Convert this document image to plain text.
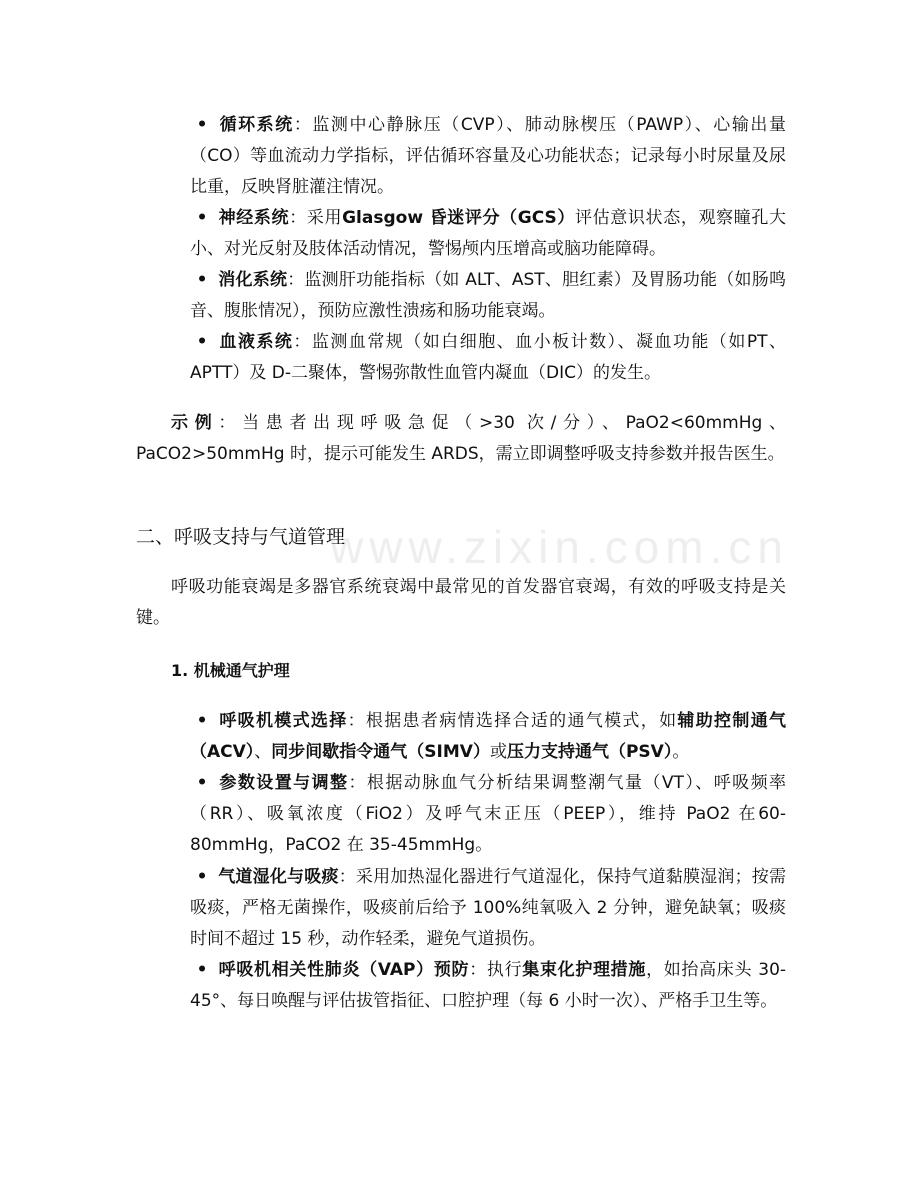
www.zixin.com.cn
• 循环系统：监测中心静脉压（CVP）、肺动脉楔压（PAWP）、心输出量（CO）等血流动力学指标，评估循环容量及心功能状态；记录每小时尿量及尿比重，反映肾脏灌注情况。
• 神经系统：采用Glasgow 昏迷评分（GCS）评估意识状态，观察瞳孔大小、对光反射及肢体活动情况，警惕颅内压增高或脑功能障碍。
• 消化系统：监测肝功能指标（如 ALT、AST、胆红素）及胃肠功能（如肠鸣音、腹胀情况），预防应激性溃疡和肠功能衰竭。
• 血液系统：监测血常规（如白细胞、血小板计数）、凝血功能（如PT、APTT）及 D-二聚体，警惕弥散性血管内凝血（DIC）的发生。
示例：当患者出现呼吸急促（>30 次/分）、PaO2<60mmHg、PaCO2>50mmHg 时，提示可能发生 ARDS，需立即调整呼吸支持参数并报告医生。
二、呼吸支持与气道管理
呼吸功能衰竭是多器官系统衰竭中最常见的首发器官衰竭，有效的呼吸支持是关键。
1. 机械通气护理
• 呼吸机模式选择：根据患者病情选择合适的通气模式，如辅助控制通气（ACV）、同步间歇指令通气（SIMV）或压力支持通气（PSV）。
• 参数设置与调整：根据动脉血气分析结果调整潮气量（VT）、呼吸频率（RR）、吸氧浓度（FiO2）及呼气末正压（PEEP），维持 PaO2 在60-80mmHg，PaCO2 在 35-45mmHg。
• 气道湿化与吸痰：采用加热湿化器进行气道湿化，保持气道黏膜湿润；按需吸痰，严格无菌操作，吸痰前后给予 100%纯氧吸入 2 分钟，避免缺氧；吸痰时间不超过 15 秒，动作轻柔，避免气道损伤。
• 呼吸机相关性肺炎（VAP）预防：执行集束化护理措施，如抬高床头 30-45°、每日唤醒与评估拔管指征、口腔护理（每 6 小时一次）、严格手卫生等。
